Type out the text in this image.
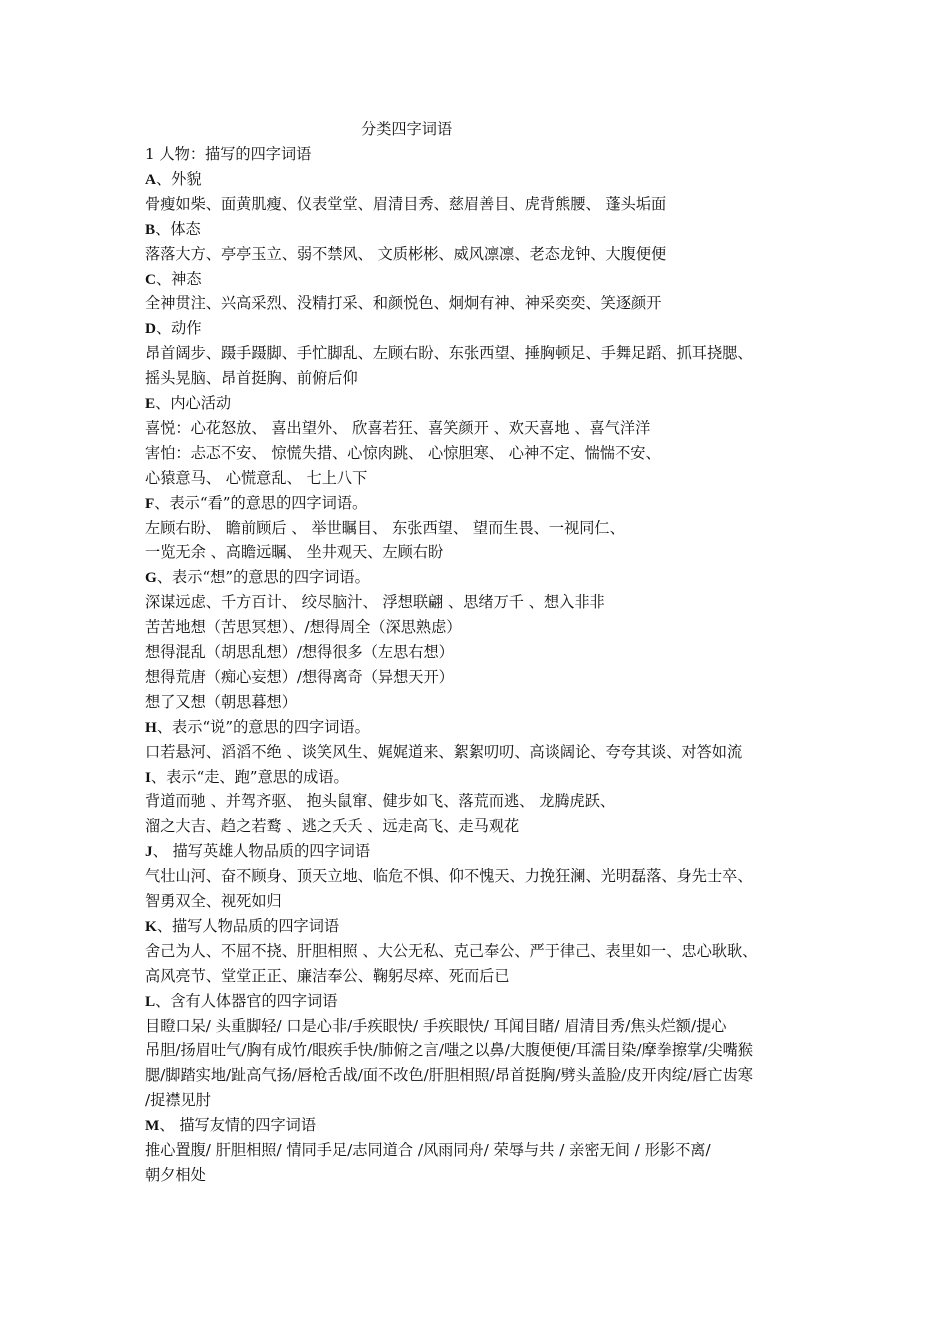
分类四字词语
1 人物：描写的四字词语
A、外貌
骨瘦如柴、面黄肌瘦、仪表堂堂、眉清目秀、慈眉善目、虎背熊腰、 蓬头垢面
B、体态
落落大方、亭亭玉立、弱不禁风、 文质彬彬、威风凛凛、老态龙钟、大腹便便
C、神态
全神贯注、兴高采烈、没精打采、和颜悦色、炯炯有神、神采奕奕、笑逐颜开
D、动作
昂首阔步、蹑手蹑脚、手忙脚乱、左顾右盼、东张西望、捶胸顿足、手舞足蹈、抓耳挠腮、
摇头晃脑、昂首挺胸、前俯后仰
E、内心活动
喜悦：心花怒放、 喜出望外、 欣喜若狂、喜笑颜开 、欢天喜地 、喜气洋洋
害怕：忐忑不安、 惊慌失措、心惊肉跳、 心惊胆寒、 心神不定、惴惴不安、
心猿意马、 心慌意乱、 七上八下
F、表示“看”的意思的四字词语。
左顾右盼、 瞻前顾后 、 举世瞩目、 东张西望、 望而生畏、一视同仁、
一览无余 、高瞻远瞩、 坐井观天、左顾右盼
G、表示“想”的意思的四字词语。
深谋远虑、千方百计、 绞尽脑汁、 浮想联翩 、思绪万千 、想入非非
苦苦地想（苦思冥想）、/想得周全（深思熟虑）
想得混乱（胡思乱想）/想得很多（左思右想）
想得荒唐（痴心妄想）/想得离奇（异想天开）
想了又想（朝思暮想）
H、表示“说”的意思的四字词语。
口若悬河、滔滔不绝 、谈笑风生、娓娓道来、絮絮叨叨、高谈阔论、夸夸其谈、对答如流
I、表示“走、跑”意思的成语。
背道而驰 、并驾齐驱、 抱头鼠窜、健步如飞、落荒而逃、 龙腾虎跃、
溜之大吉、趋之若鹜 、逃之夭夭 、远走高飞、走马观花
J、 描写英雄人物品质的四字词语
气壮山河、奋不顾身、顶天立地、临危不惧、仰不愧天、力挽狂澜、光明磊落、身先士卒、
智勇双全、视死如归
K、描写人物品质的四字词语
舍己为人、不屈不挠、肝胆相照 、大公无私、克己奉公、严于律己、表里如一、忠心耿耿、
高风亮节、堂堂正正、廉洁奉公、鞠躬尽瘁、死而后已
L、含有人体器官的四字词语
目瞪口呆/ 头重脚轻/ 口是心非/手疾眼快/ 手疾眼快/ 耳闻目睹/ 眉清目秀/焦头烂额/提心
吊胆/扬眉吐气/胸有成竹/眼疾手快/肺俯之言/嗤之以鼻/大腹便便/耳濡目染/摩拳擦掌/尖嘴猴
腮/脚踏实地/趾高气扬/唇枪舌战/面不改色/肝胆相照/昂首挺胸/劈头盖脸/皮开肉绽/唇亡齿寒
/捉襟见肘
M、 描写友情的四字词语
推心置腹/ 肝胆相照/ 情同手足/志同道合 /风雨同舟/ 荣辱与共 / 亲密无间 / 形影不离/
朝夕相处
